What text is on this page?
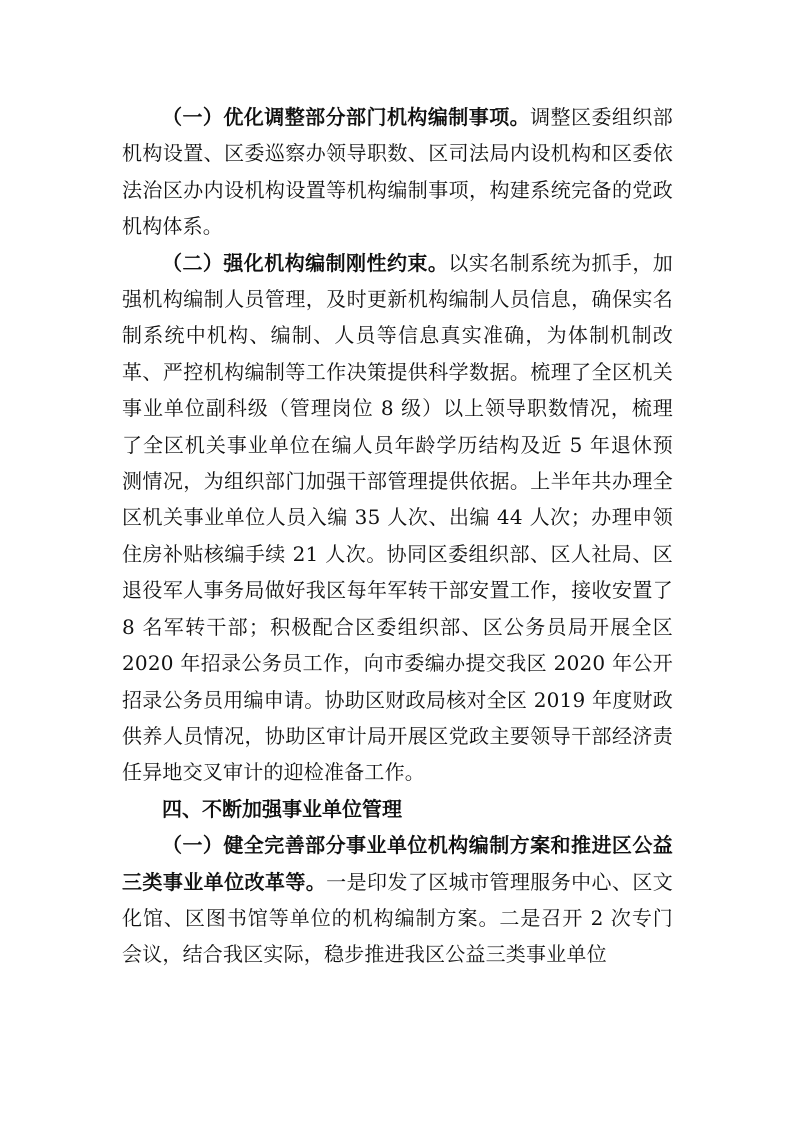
（一）优化调整部分部门机构编制事项。调整区委组织部机构设置、区委巡察办领导职数、区司法局内设机构和区委依法治区办内设机构设置等机构编制事项，构建系统完备的党政机构体系。

（二）强化机构编制刚性约束。以实名制系统为抓手，加强机构编制人员管理，及时更新机构编制人员信息，确保实名制系统中机构、编制、人员等信息真实准确，为体制机制改革、严控机构编制等工作决策提供科学数据。梳理了全区机关事业单位副科级（管理岗位 8 级）以上领导职数情况，梳理了全区机关事业单位在编人员年龄学历结构及近 5 年退休预测情况，为组织部门加强干部管理提供依据。上半年共办理全区机关事业单位人员入编 35 人次、出编 44 人次；办理申领住房补贴核编手续 21 人次。协同区委组织部、区人社局、区退役军人事务局做好我区每年军转干部安置工作，接收安置了 8 名军转干部；积极配合区委组织部、区公务员局开展全区 2020 年招录公务员工作，向市委编办提交我区 2020 年公开招录公务员用编申请。协助区财政局核对全区 2019 年度财政供养人员情况，协助区审计局开展区党政主要领导干部经济责任异地交叉审计的迎检准备工作。

四、不断加强事业单位管理

（一）健全完善部分事业单位机构编制方案和推进区公益三类事业单位改革等。一是印发了区城市管理服务中心、区文化馆、区图书馆等单位的机构编制方案。二是召开 2 次专门会议，结合我区实际，稳步推进我区公益三类事业单位
